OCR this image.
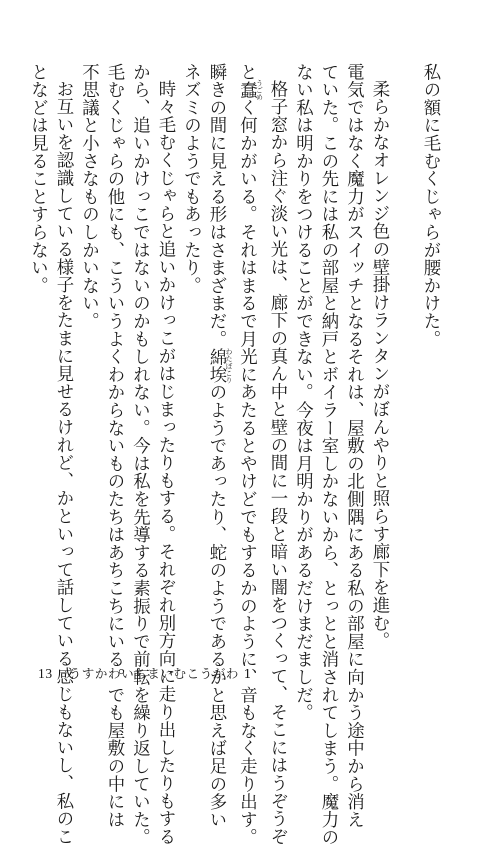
私の額に毛むくじゃらが腰かけた。

柔らかなオレンジ色の壁掛けランタンがぼんやりと照らす廊下を進む。

電気ではなく魔力がスイッチとなるそれは、屋敷の北側隅にある私の部屋に向かう途中から消え

ていた。この先には私の部屋と納戸とボイラー室しかないから、とっとと消されてしまう。魔力の

ない私は明かりをつけることができない。今夜は月明かりがあるだけまだましだ。

格子窓から注ぐ淡い光は、廊下の真ん中と壁の間に一段と暗い闇をつくって、そこにはうぞうぞ

と蠢 うごめく何かがいる。それはまるで月光にあたるとやけどでもするかのように、音もなく走り出す。

瞬きの間に見える形はさまざまだ。綿埃 わたぼこりのようであったり、蛇のようであるかと思えば足の多い

ネズミのようでもあったり。

時々毛むくじゃらと追いかけっこがはじまったりもする。それぞれ別方向に走り出したりもする

から、追いかけっこではないのかもしれない。今は私を先導する素振りで前転を繰り返していた。

毛むくじゃらの他にも、こういうよくわからないものたちはあちこちにいる。でも屋敷の中には

不思議と小さなものしかいない。

お互いを認識している様子をたまに見せるけれど、かといって話している感じもないし、私のこ

となどは見ることすらない。

13 うすかわいちまいむこうがわ 1
